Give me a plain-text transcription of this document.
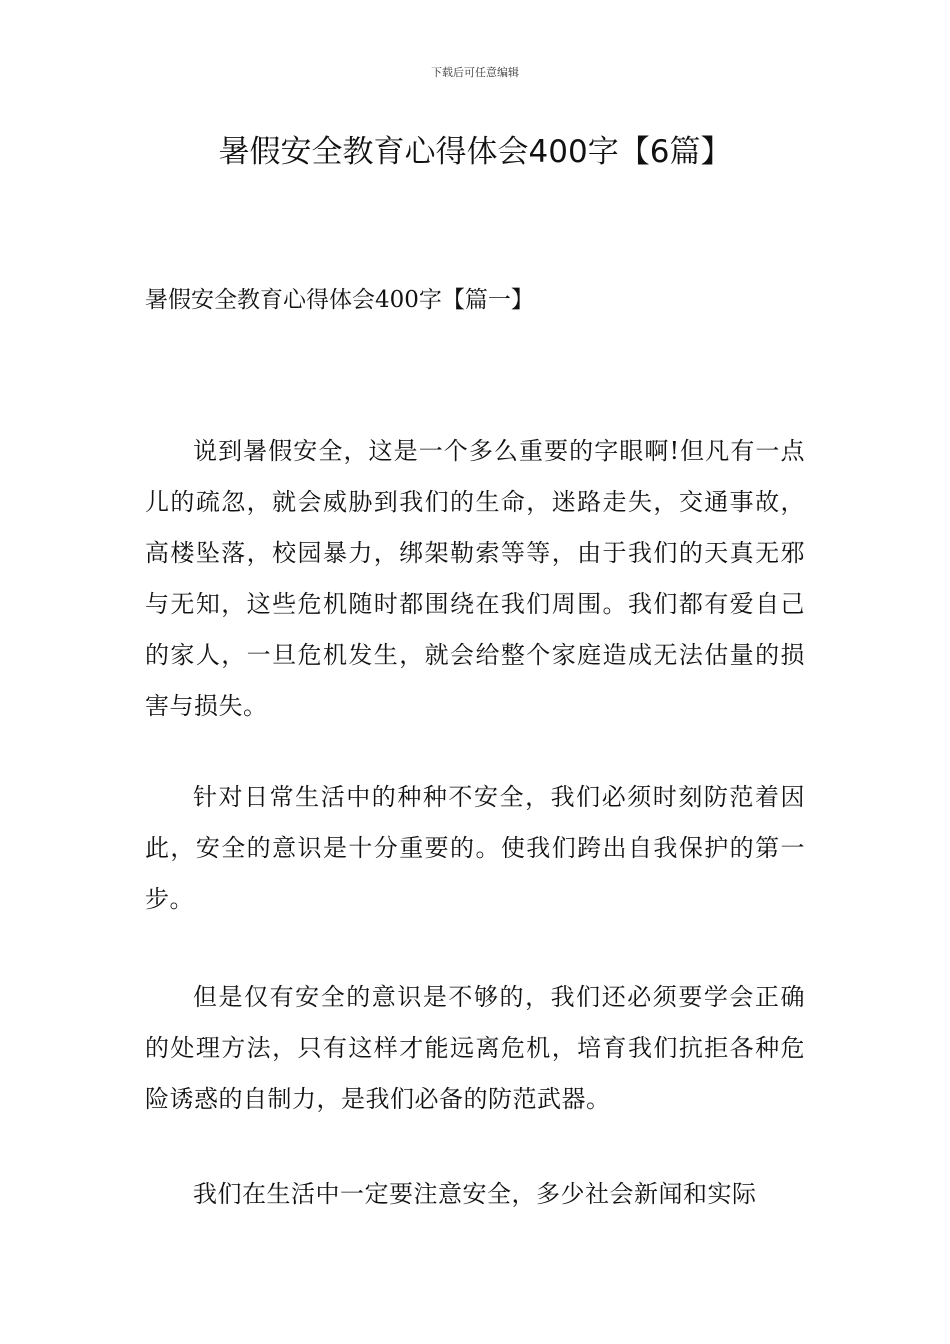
下载后可任意编辑
暑假安全教育心得体会400字【6篇】
暑假安全教育心得体会400字【篇一】

说到暑假安全，这是一个多么重要的字眼啊!但凡有一点儿的疏忽，就会威胁到我们的生命，迷路走失，交通事故，高楼坠落，校园暴力，绑架勒索等等，由于我们的天真无邪与无知，这些危机随时都围绕在我们周围。我们都有爱自己的家人，一旦危机发生，就会给整个家庭造成无法估量的损害与损失。

针对日常生活中的种种不安全，我们必须时刻防范着因此，安全的意识是十分重要的。使我们跨出自我保护的第一步。

但是仅有安全的意识是不够的，我们还必须要学会正确的处理方法，只有这样才能远离危机，培育我们抗拒各种危险诱惑的自制力，是我们必备的防范武器。

我们在生活中一定要注意安全，多少社会新闻和实际
